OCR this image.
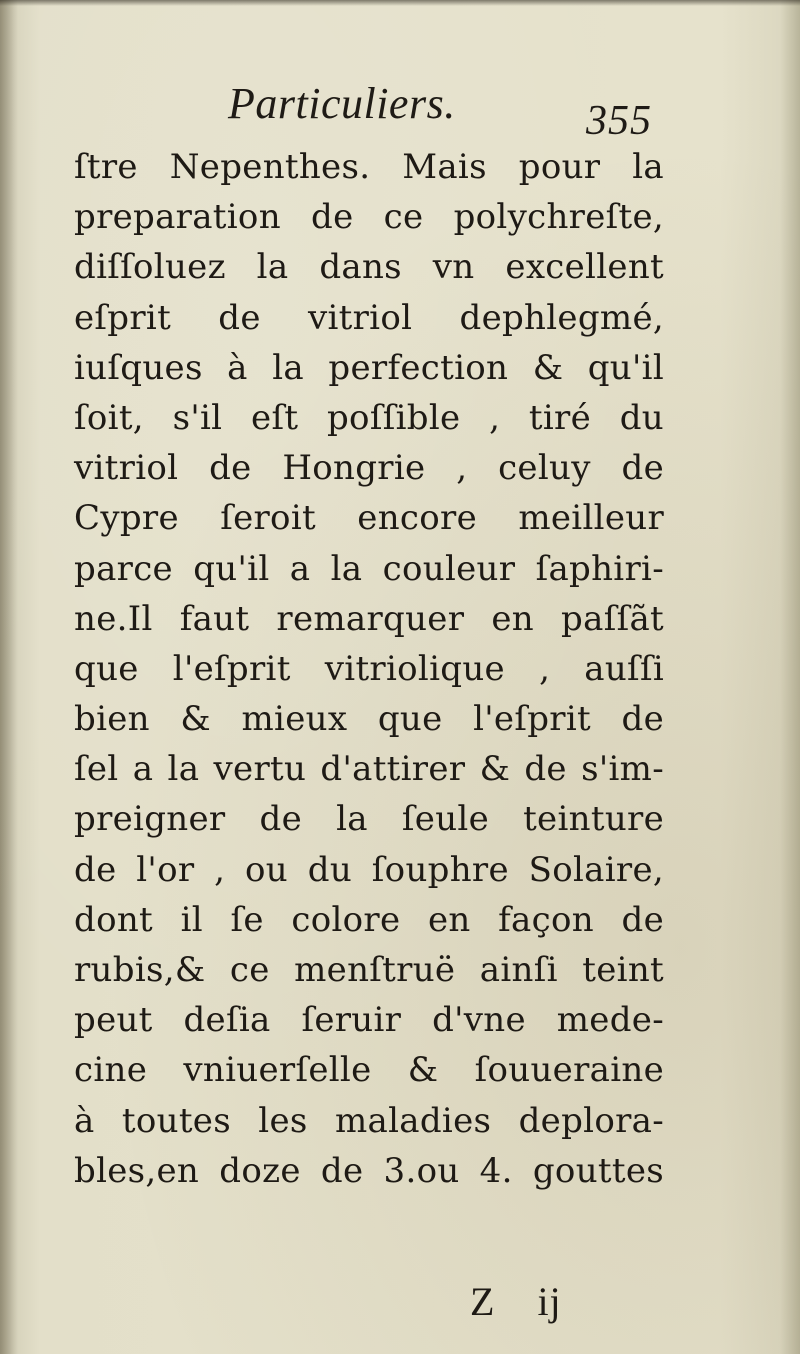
Particuliers.	355
ſtre Nepenthes. Mais pour la
preparation de ce polychreſte,
diſſoluez la dans vn excellent
eſprit de vitriol dephlegmé,
iuſques à la perfection & qu'il
ſoit, s'il eſt poſſible , tiré du
vitriol de Hongrie , celuy de
Cypre ſeroit encore meilleur
parce qu'il a la couleur ſaphiri-
ne.Il faut remarquer en paſſãt
que l'eſprit vitriolique , auſſi
bien & mieux que l'eſprit de
ſel a la vertu d'attirer & de s'im-
preigner de la ſeule teinture
de l'or , ou du ſouphre Solaire,
dont il ſe colore en façon de
rubis,& ce menſtruë ainſi teint
peut deſia ſeruir d'vne mede-
cine vniuerſelle & ſouueraine
à toutes les maladies deplora-
bles,en doze de 3.ou 4. gouttes
Z ij
